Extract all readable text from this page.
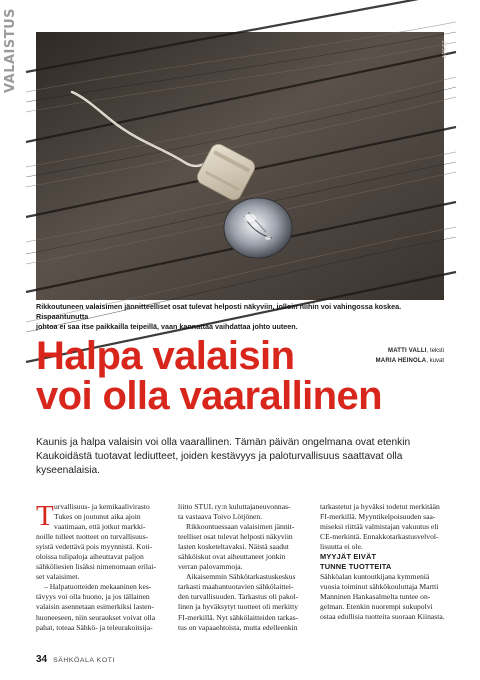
VALAISTUS	AREST
Rikkoutuneen valaisimen jännitteelliset osat tulevat helposti näkyviin, jolloin niihin voi vahingossa koskea. Rispaantunutta
johtoa ei saa itse paikkailla teipeillä, vaan kannattaa vaihdattaa johto uuteen.
Halpa valaisin
voi olla vaarallinen
MATTI VALLI, teksti
MARIA HEINOLA, kuvat
Kaunis ja halpa valaisin voi olla vaarallinen. Tämän päivän ongelmana ovat etenkin
Kaukoidästä tuotavat lediutteet, joiden kestävyys ja paloturvallisuus saattavat olla
kyseenalaisia.
T urvallisuus- ja kemikaalivirasto

Tukes on joutunut aika ajoin

vaatimaan, että jotkut markki-

noille tulleet tuotteet on turvallisuus-

syistä vedettävä pois myynnistä. Koti-

oloissa tulipaloja aiheuttavat paljon

sähköliesien lisäksi nimenomaan erilai-

set valaisimet.

– Halpatuotteiden mekaaninen kes-

tävyys voi olla huono, ja jos tällainen

valaisin asennetaan esimerkiksi lasten-

huoneeseen, niin seuraukset voivat olla

pahat, toteaa Sähkö- ja teleurakoitsija-

liitto STUL ry:n kuluttajaneuvonnas-

ta vastaava Toivo Lötjönen.

Rikkoontuessaan valaisimen jännit-

teelliset osat tulevat helposti näkyviin

lasten kosketeltavaksi. Näistä saadut

sähköiskut ovat aiheuttaneet jonkin

verran palovammoja.

Aikaisemmin Sähkötarkastuskeskus

tarkasti maahantuotavien sähkölaittei-

den turvallisuuden. Tarkastus oli pakol-

linen ja hyväksytyt tuotteet oli merkitty

FI-merkillä. Nyt sähkölaitteiden tarkas-

tus on vapaaehtoista, mutta edelleenkin

tarkastetut ja hyväksi todetut merkitään

FI-merkillä. Myyntikelpoisuuden saa-

miseksi riittää valmistajan vakuutus eli

CE-merkintä. Ennakkotarkastusvelvol-

lisuutta ei ole.

MYYJÄT EIVÄT
TUNNE TUOTTEITA

Sähköalan kuntoutkijana kymmeniä

vuosia toiminut sähkökouluttaja Martti

Manninen Hankasalmelta tuntee on-

gelman. Etenkin nuorempi sukupolvi

ostaa edullisia tuotteita suoraan Kiinasta.

34 SÄHKÖALA KOTI
